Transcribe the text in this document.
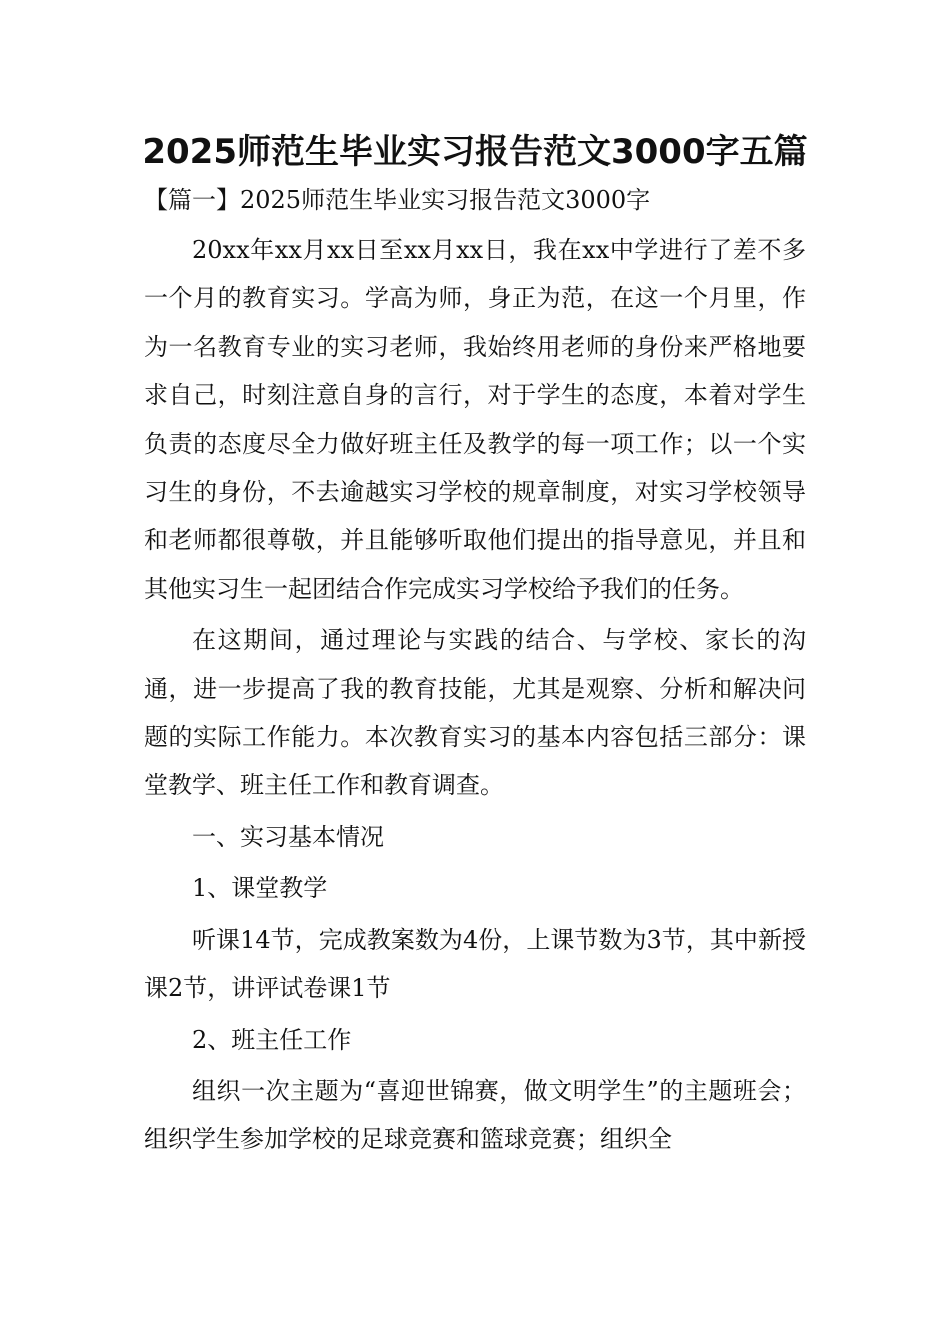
2025师范生毕业实习报告范文3000字五篇
【篇一】2025师范生毕业实习报告范文3000字

20xx年xx月xx日至xx月xx日，我在xx中学进行了差不多一个月的教育实习。学高为师，身正为范，在这一个月里，作为一名教育专业的实习老师，我始终用老师的身份来严格地要求自己，时刻注意自身的言行，对于学生的态度，本着对学生负责的态度尽全力做好班主任及教学的每一项工作；以一个实习生的身份，不去逾越实习学校的规章制度，对实习学校领导和老师都很尊敬，并且能够听取他们提出的指导意见，并且和其他实习生一起团结合作完成实习学校给予我们的任务。

在这期间，通过理论与实践的结合、与学校、家长的沟通，进一步提高了我的教育技能，尤其是观察、分析和解决问题的实际工作能力。本次教育实习的基本内容包括三部分：课堂教学、班主任工作和教育调查。

一、实习基本情况

1、课堂教学

听课14节，完成教案数为4份，上课节数为3节，其中新授课2节，讲评试卷课1节

2、班主任工作

组织一次主题为“喜迎世锦赛，做文明学生”的主题班会；组织学生参加学校的足球竞赛和篮球竞赛；组织全
